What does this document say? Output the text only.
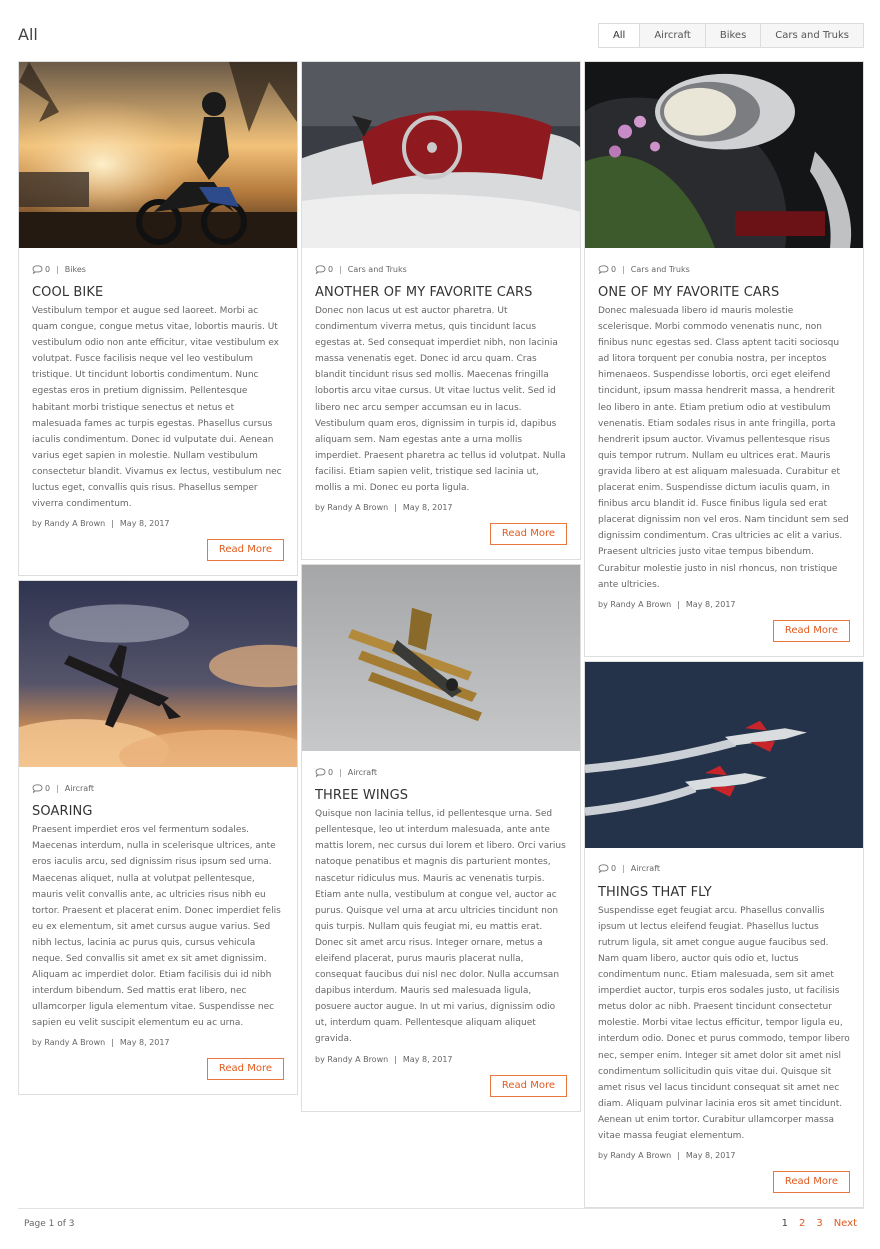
All	All	Aircraft	Bikes	Cars and Truks
0 | Bikes
COOL BIKE
Vestibulum tempor et augue sed laoreet. Morbi ac quam congue, congue metus vitae, lobortis mauris. Ut vestibulum odio non ante efficitur, vitae vestibulum ex volutpat. Fusce facilisis neque vel leo vestibulum tristique. Ut tincidunt lobortis condimentum. Nunc egestas eros in pretium dignissim. Pellentesque habitant morbi tristique senectus et netus et malesuada fames ac turpis egestas. Phasellus cursus iaculis condimentum. Donec id vulputate dui. Aenean varius eget sapien in molestie. Nullam vestibulum consectetur blandit. Vivamus ex lectus, vestibulum nec luctus eget, convallis quis risus. Phasellus semper viverra condimentum.
by Randy A Brown | May 8, 2017
Read More
0 | Aircraft
SOARING
Praesent imperdiet eros vel fermentum sodales. Maecenas interdum, nulla in scelerisque ultrices, ante eros iaculis arcu, sed dignissim risus ipsum sed urna. Maecenas aliquet, nulla at volutpat pellentesque, mauris velit convallis ante, ac ultricies risus nibh eu tortor. Praesent et placerat enim. Donec imperdiet felis eu ex elementum, sit amet cursus augue varius. Sed nibh lectus, lacinia ac purus quis, cursus vehicula neque. Sed convallis sit amet ex sit amet dignissim. Aliquam ac imperdiet dolor. Etiam facilisis dui id nibh interdum bibendum. Sed mattis erat libero, nec ullamcorper ligula elementum vitae. Suspendisse nec sapien eu velit suscipit elementum eu ac urna.
by Randy A Brown | May 8, 2017
Read More
0 | Cars and Truks
ANOTHER OF MY FAVORITE CARS
Donec non lacus ut est auctor pharetra. Ut condimentum viverra metus, quis tincidunt lacus egestas at. Sed consequat imperdiet nibh, non lacinia massa venenatis eget. Donec id arcu quam. Cras blandit tincidunt risus sed mollis. Maecenas fringilla lobortis arcu vitae cursus. Ut vitae luctus velit. Sed id libero nec arcu semper accumsan eu in lacus. Vestibulum quam eros, dignissim in turpis id, dapibus aliquam sem. Nam egestas ante a urna mollis imperdiet. Praesent pharetra ac tellus id volutpat. Nulla facilisi. Etiam sapien velit, tristique sed lacinia ut, mollis a mi. Donec eu porta ligula.
by Randy A Brown | May 8, 2017
Read More
0 | Aircraft
THREE WINGS
Quisque non lacinia tellus, id pellentesque urna. Sed pellentesque, leo ut interdum malesuada, ante ante mattis lorem, nec cursus dui lorem et libero. Orci varius natoque penatibus et magnis dis parturient montes, nascetur ridiculus mus. Mauris ac venenatis turpis. Etiam ante nulla, vestibulum at congue vel, auctor ac purus. Quisque vel urna at arcu ultricies tincidunt non quis turpis. Nullam quis feugiat mi, eu mattis erat. Donec sit amet arcu risus. Integer ornare, metus a eleifend placerat, purus mauris placerat nulla, consequat faucibus dui nisl nec dolor. Nulla accumsan dapibus interdum. Mauris sed malesuada ligula, posuere auctor augue. In ut mi varius, dignissim odio ut, interdum quam. Pellentesque aliquam aliquet gravida.
by Randy A Brown | May 8, 2017
Read More
0 | Cars and Truks
ONE OF MY FAVORITE CARS
Donec malesuada libero id mauris molestie scelerisque. Morbi commodo venenatis nunc, non finibus nunc egestas sed. Class aptent taciti sociosqu ad litora torquent per conubia nostra, per inceptos himenaeos. Suspendisse lobortis, orci eget eleifend tincidunt, ipsum massa hendrerit massa, a hendrerit leo libero in ante. Etiam pretium odio at vestibulum venenatis. Etiam sodales risus in ante fringilla, porta hendrerit ipsum auctor. Vivamus pellentesque risus quis tempor rutrum. Nullam eu ultrices erat. Mauris gravida libero at est aliquam malesuada. Curabitur et placerat enim. Suspendisse dictum iaculis quam, in finibus arcu blandit id. Fusce finibus ligula sed erat placerat dignissim non vel eros. Nam tincidunt sem sed dignissim condimentum. Cras ultricies ac elit a varius. Praesent ultricies justo vitae tempus bibendum. Curabitur molestie justo in nisl rhoncus, non tristique ante ultricies.
by Randy A Brown | May 8, 2017
Read More
0 | Aircraft
THINGS THAT FLY
Suspendisse eget feugiat arcu. Phasellus convallis ipsum ut lectus eleifend feugiat. Phasellus luctus rutrum ligula, sit amet congue augue faucibus sed. Nam quam libero, auctor quis odio et, luctus condimentum nunc. Etiam malesuada, sem sit amet imperdiet auctor, turpis eros sodales justo, ut facilisis metus dolor ac nibh. Praesent tincidunt consectetur molestie. Morbi vitae lectus efficitur, tempor ligula eu, interdum odio. Donec et purus commodo, tempor libero nec, semper enim. Integer sit amet dolor sit amet nisl condimentum sollicitudin quis vitae dui. Quisque sit amet risus vel lacus tincidunt consequat sit amet nec diam. Aliquam pulvinar lacinia eros sit amet tincidunt. Aenean ut enim tortor. Curabitur ullamcorper massa vitae massa feugiat elementum.
by Randy A Brown | May 8, 2017
Read More
Page 1 of 3	1 2 3 Next
